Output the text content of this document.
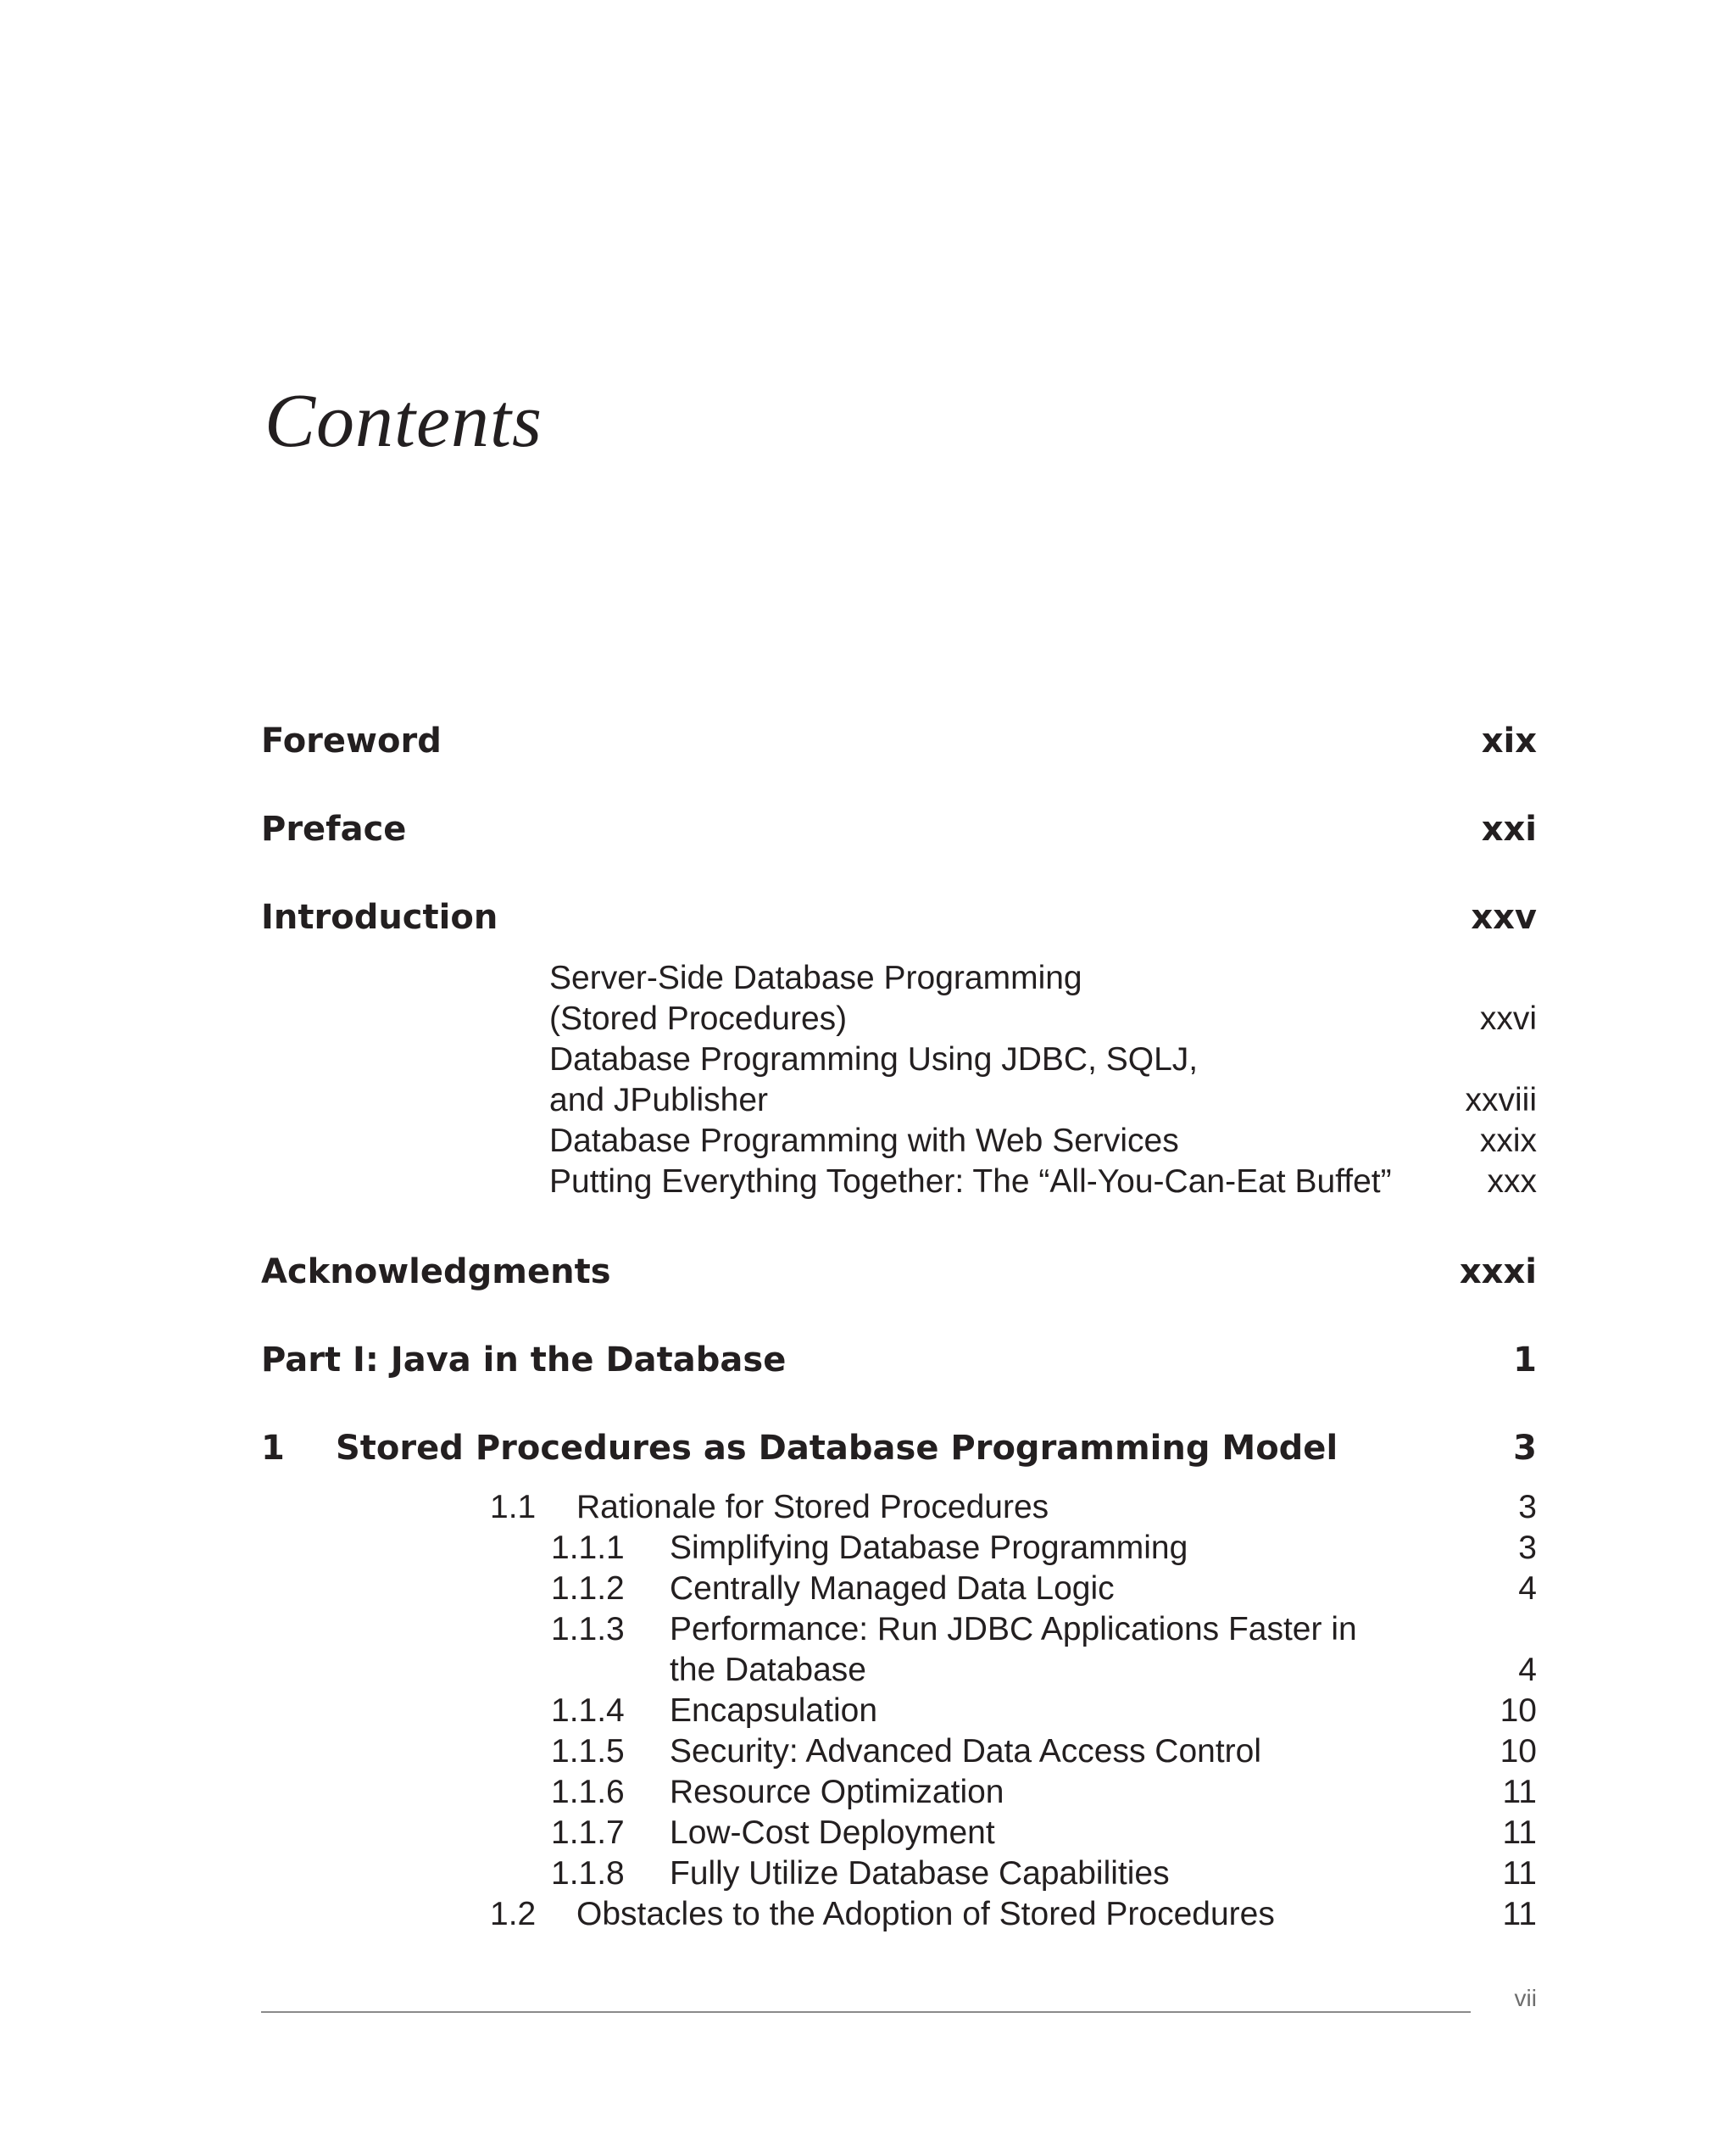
Contents
Foreword	xix
Preface	xxi
Introduction	xxv
Server-Side Database Programming
(Stored Procedures)	xxvi
Database Programming Using JDBC, SQLJ,
and JPublisher	xxviii
Database Programming with Web Services	xxix
Putting Everything Together: The “All-You-Can-Eat Buffet”	xxx
Acknowledgments	xxxi
Part I: Java in the Database	1
1 Stored Procedures as Database Programming Model	3
1.1 Rationale for Stored Procedures	3
1.1.1 Simplifying Database Programming	3
1.1.2 Centrally Managed Data Logic	4
1.1.3 Performance: Run JDBC Applications Faster in
the Database	4
1.1.4 Encapsulation	10
1.1.5 Security: Advanced Data Access Control	10
1.1.6 Resource Optimization	11
1.1.7 Low-Cost Deployment	11
1.1.8 Fully Utilize Database Capabilities	11
1.2 Obstacles to the Adoption of Stored Procedures	11
vii
